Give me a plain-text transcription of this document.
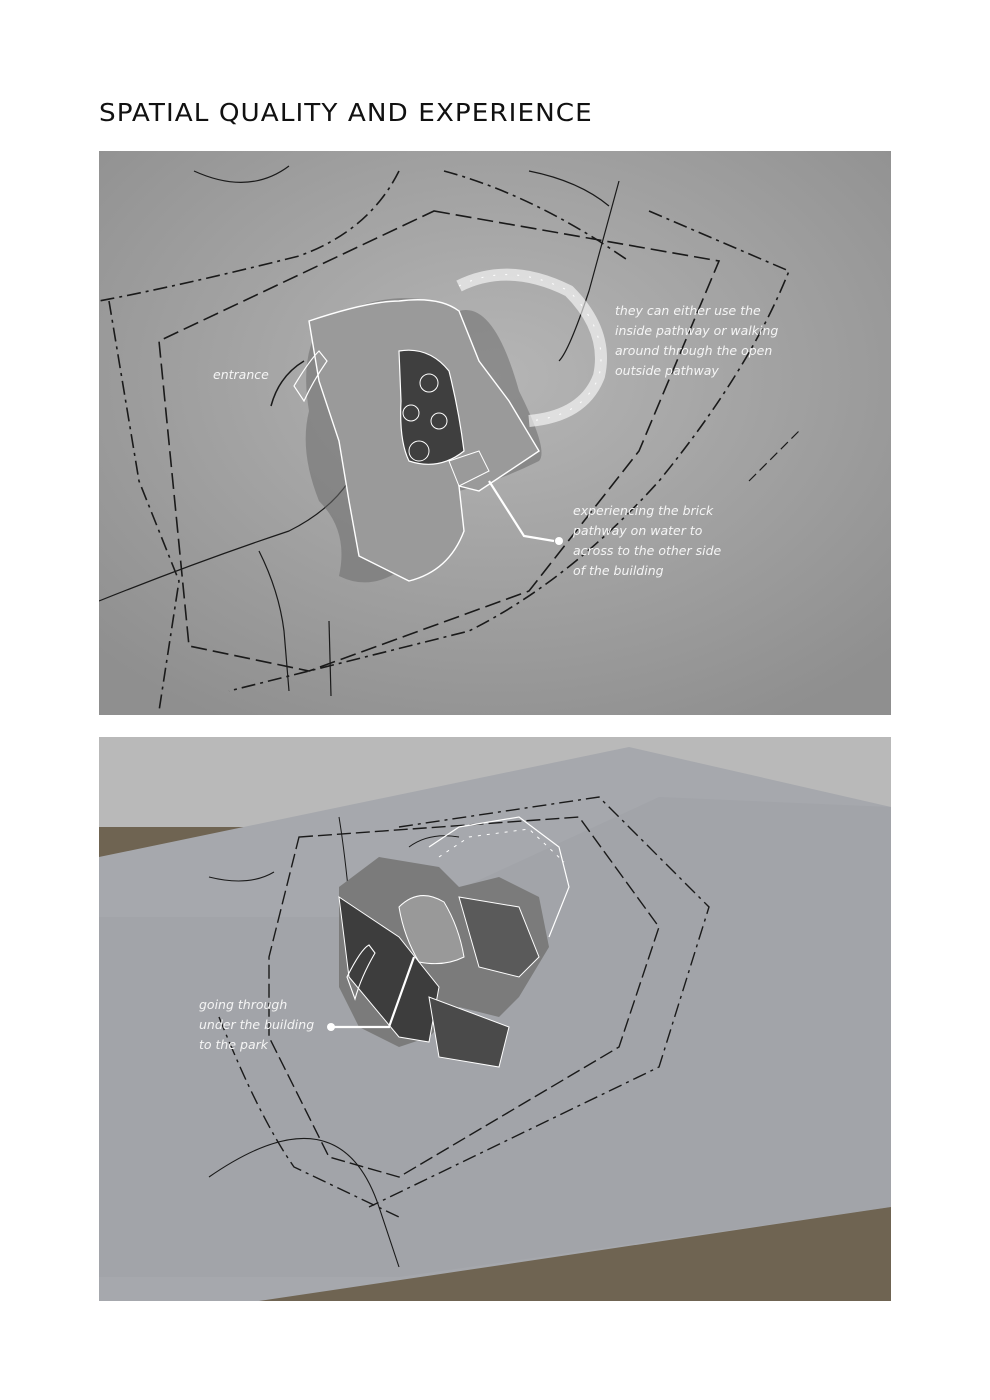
SPATIAL QUALITY AND EXPERIENCE
entrance
they can either use the
inside pathway or walking
around through the open
outside pathway
experiencing the brick
pathway on water to
across to the other side
of the building
going through
under the building
to the park
